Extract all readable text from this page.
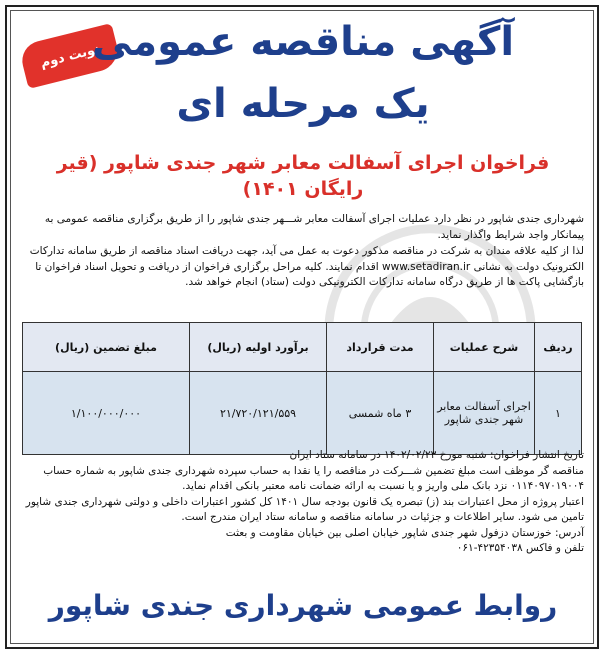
نوبت دوم
آگهی مناقصه عمومی
یک مرحله ای
فراخوان اجرای آسفالت معابر شهر جندی شاپور (قیر رایگان ۱۴۰۱)
شهرداری جندی شاپور در نظر دارد عملیات اجرای آسفالت معابر شـــهر جندی شاپور را از طریق برگزاری مناقصه عمومی به پیمانکار واجد شرایط واگذار نماید.
لذا از کلیه علاقه مندان به شرکت در مناقصه مذکور دعوت به عمل می آید، جهت دریافت اسناد مناقصه از طریق سامانه تدارکات الکترونیک دولت به نشانی www.setadiran.ir اقدام نمایند. کلیه مراحل برگزاری فراخوان از دریافت و تحویل اسناد فراخوان تا بازگشایی پاکت ها از طریق درگاه سامانه تدارکات الکترونیکی دولت (ستاد) انجام خواهد شد.
ردیف	شرح عملیات	مدت قرارداد	برآورد اولیه (ریال)	مبلغ تضمین (ریال)
۱	اجرای آسفالت معابر شهر جندی شاپور	۳ ماه شمسی	۲۱/۷۲۰/۱۲۱/۵۵۹	۱/۱۰۰/۰۰۰/۰۰۰
تاریخ انتشار فراخوان: شنبه مورخ ۱۴۰۲/۰۲/۲۳ در سامانه ستاد ایران
مناقصه گر موظف است مبلغ تضمین شـــرکت در مناقصه را یا نقدا به حساب سپرده شهرداری جندی شاپور به شماره حساب ۰۱۱۴۰۹۷۰۱۹۰۰۴ نزد بانک ملی واریز و یا نسبت به ارائه ضمانت نامه معتبر بانکی اقدام نماید.
اعتبار پروژه از محل اعتبارات بند (ز) تبصره یک قانون بودجه سال ۱۴۰۱ کل کشور اعتبارات داخلی و دولتی شهرداری جندی شاپور تامین می شود. سایر اطلاعات و جزئیات در سامانه مناقصه و سامانه ستاد ایران مندرج است.
آدرس: خوزستان دزفول شهر جندی شاپور خیابان اصلی بین خیابان مقاومت و بعثت
تلفن و فاکس ۴۲۳۵۴۰۳۸-۰۶۱
روابط عمومی شهرداری جندی شاپور
